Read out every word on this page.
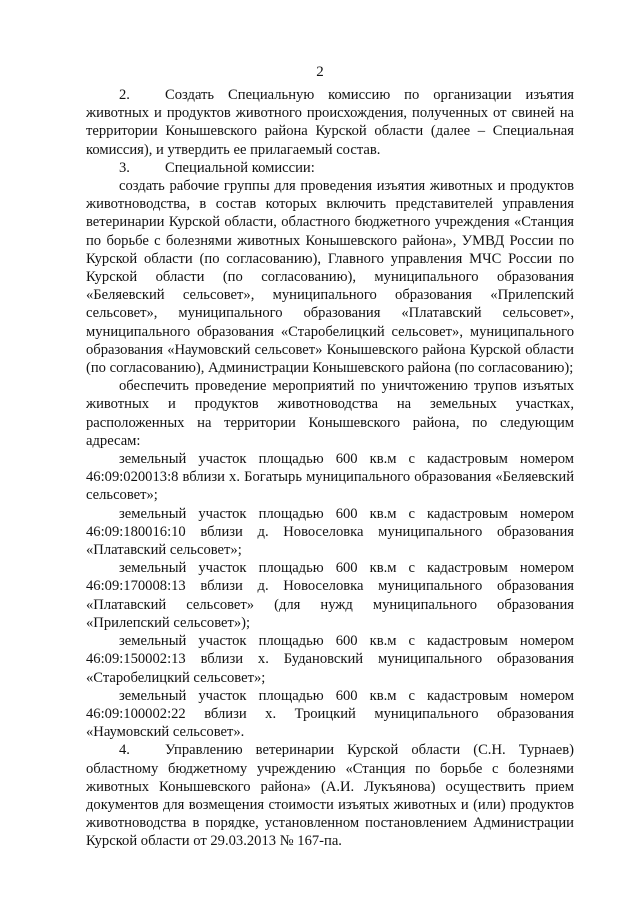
2

2. Создать Специальную комиссию по организации изъятия животных и продуктов животного происхождения, полученных от свиней на территории Конышевского района Курской области (далее – Специальная комиссия), и утвердить ее прилагаемый состав.

3. Специальной комиссии:

создать рабочие группы для проведения изъятия животных и продуктов животноводства, в состав которых включить представителей управления ветеринарии Курской области, областного бюджетного учреждения «Станция по борьбе с болезнями животных Конышевского района», УМВД России по Курской области (по согласованию), Главного управления МЧС России по Курской области (по согласованию), муниципального образования «Беляевский сельсовет», муниципального образования «Прилепский сельсовет», муниципального образования «Платавский сельсовет», муниципального образования «Старобелицкий сельсовет», муниципального образования «Наумовский сельсовет» Конышевского района Курской области (по согласованию), Администрации Конышевского района (по согласованию);

обеспечить проведение мероприятий по уничтожению трупов изъятых животных и продуктов животноводства на земельных участках, расположенных на территории Конышевского района, по следующим адресам:

земельный участок площадью 600 кв.м с кадастровым номером 46:09:020013:8 вблизи х. Богатырь муниципального образования «Беляевский сельсовет»;

земельный участок площадью 600 кв.м с кадастровым номером 46:09:180016:10 вблизи д. Новоселовка муниципального образования «Платавский сельсовет»;

земельный участок площадью 600 кв.м с кадастровым номером 46:09:170008:13 вблизи д. Новоселовка муниципального образования «Платавский сельсовет» (для нужд муниципального образования «Прилепский сельсовет»);

земельный участок площадью 600 кв.м с кадастровым номером 46:09:150002:13 вблизи х. Будановский муниципального образования «Старобелицкий сельсовет»;

земельный участок площадью 600 кв.м с кадастровым номером 46:09:100002:22 вблизи х. Троицкий муниципального образования «Наумовский сельсовет».

4. Управлению ветеринарии Курской области (С.Н. Турнаев) областному бюджетному учреждению «Станция по борьбе с болезнями животных Конышевского района» (А.И. Лукъянова) осуществить прием документов для возмещения стоимости изъятых животных и (или) продуктов животноводства в порядке, установленном постановлением Администрации Курской области от 29.03.2013 № 167-па.
